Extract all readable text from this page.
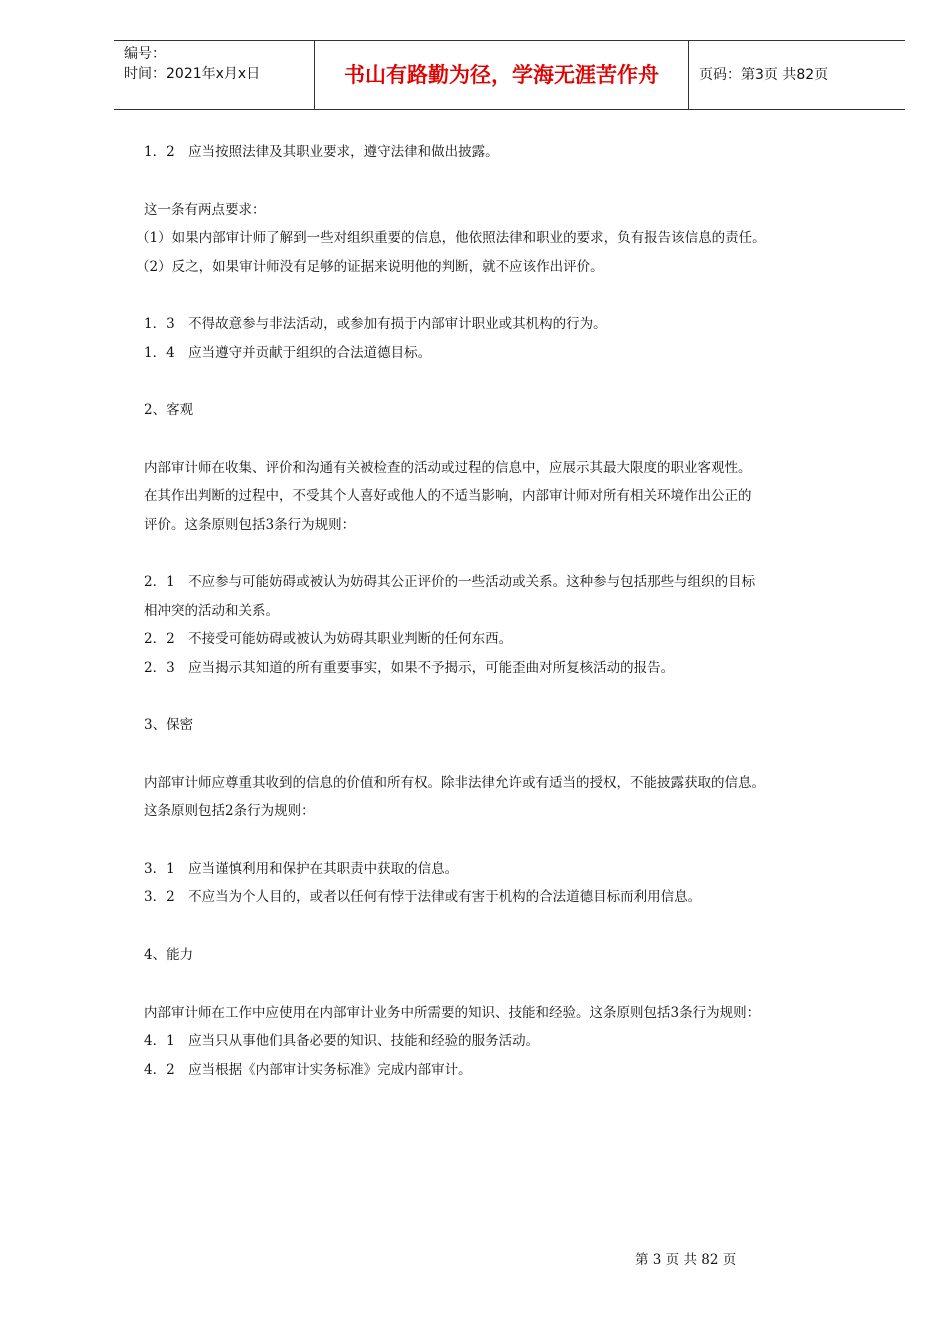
编号：
时间：2021年x月x日	书山有路勤为径，学海无涯苦作舟	页码：第3页 共82页
1．2　应当按照法律及其职业要求，遵守法律和做出披露。
这一条有两点要求：
（1）如果内部审计师了解到一些对组织重要的信息，他依照法律和职业的要求，负有报告该信息的责任。
（2）反之，如果审计师没有足够的证据来说明他的判断，就不应该作出评价。
1．3　不得故意参与非法活动，或参加有损于内部审计职业或其机构的行为。
1．4　应当遵守并贡献于组织的合法道德目标。
2、客观
内部审计师在收集、评价和沟通有关被检查的活动或过程的信息中，应展示其最大限度的职业客观性。
在其作出判断的过程中，不受其个人喜好或他人的不适当影响，内部审计师对所有相关环境作出公正的
评价。这条原则包括3条行为规则：
2．1　不应参与可能妨碍或被认为妨碍其公正评价的一些活动或关系。这种参与包括那些与组织的目标
相冲突的活动和关系。
2．2　不接受可能妨碍或被认为妨碍其职业判断的任何东西。
2．3　应当揭示其知道的所有重要事实，如果不予揭示，可能歪曲对所复核活动的报告。
3、保密
内部审计师应尊重其收到的信息的价值和所有权。除非法律允许或有适当的授权，不能披露获取的信息。
这条原则包括2条行为规则：
3．1　应当谨慎利用和保护在其职责中获取的信息。
3．2　不应当为个人目的，或者以任何有悖于法律或有害于机构的合法道德目标而利用信息。
4、能力
内部审计师在工作中应使用在内部审计业务中所需要的知识、技能和经验。这条原则包括3条行为规则：
4．1　应当只从事他们具备必要的知识、技能和经验的服务活动。
4．2　应当根据《内部审计实务标准》完成内部审计。
第 3 页 共 82 页
